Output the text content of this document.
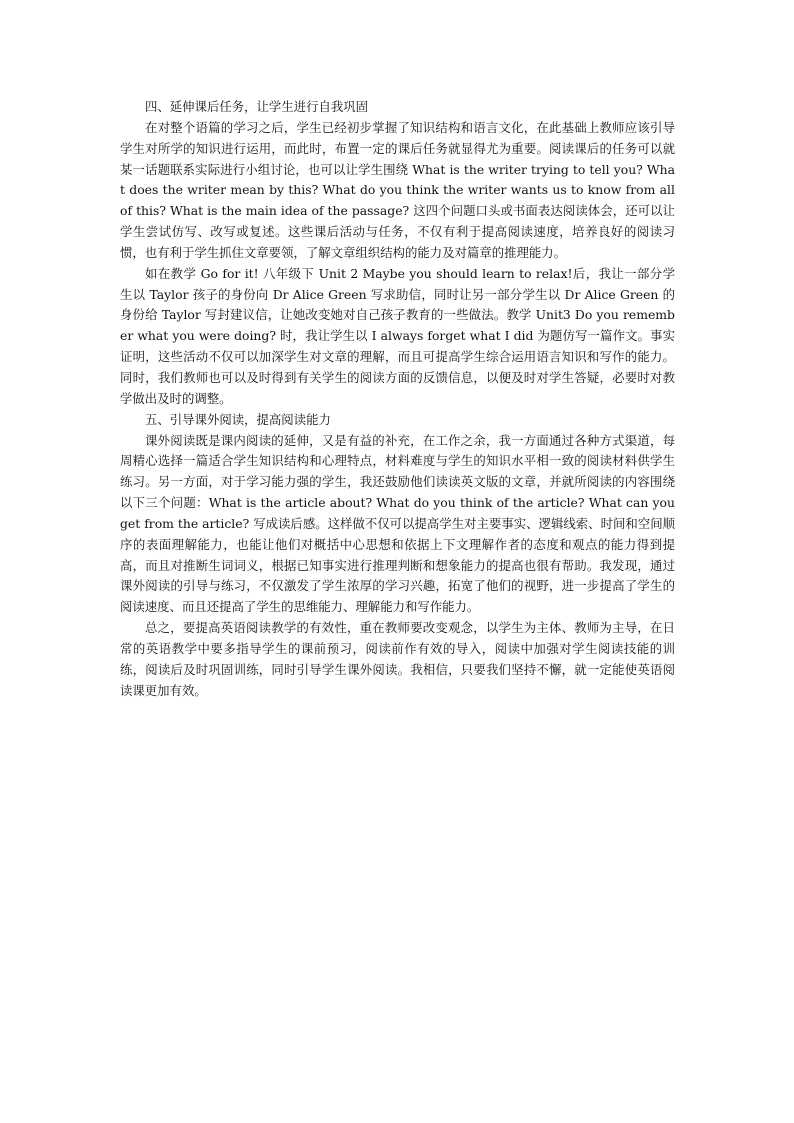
四、延伸课后任务，让学生进行自我巩固

在对整个语篇的学习之后，学生已经初步掌握了知识结构和语言文化，在此基础上教师应该引导学生对所学的知识进行运用，而此时，布置一定的课后任务就显得尤为重要。阅读课后的任务可以就某一话题联系实际进行小组讨论，也可以让学生围绕 What is the writer trying to tell you? What does the writer mean by this? What do you think the writer wants us to know from all of this? What is the main idea of the passage? 这四个问题口头或书面表达阅读体会，还可以让学生尝试仿写、改写或复述。这些课后活动与任务，不仅有利于提高阅读速度，培养良好的阅读习惯，也有利于学生抓住文章要领，了解文章组织结构的能力及对篇章的推理能力。

如在教学 Go for it! 八年级下 Unit 2 Maybe you should learn to relax!后，我让一部分学生以 Taylor 孩子的身份向 Dr Alice Green 写求助信，同时让另一部分学生以 Dr Alice Green 的身份给 Taylor 写封建议信，让她改变她对自己孩子教育的一些做法。教学 Unit3 Do you remember what you were doing? 时，我让学生以 I always forget what I did 为题仿写一篇作文。事实证明，这些活动不仅可以加深学生对文章的理解，而且可提高学生综合运用语言知识和写作的能力。同时，我们教师也可以及时得到有关学生的阅读方面的反馈信息，以便及时对学生答疑，必要时对教学做出及时的调整。

五、引导课外阅读，提高阅读能力

课外阅读既是课内阅读的延伸，又是有益的补充，在工作之余，我一方面通过各种方式渠道，每周精心选择一篇适合学生知识结构和心理特点，材料难度与学生的知识水平相一致的阅读材料供学生练习。另一方面，对于学习能力强的学生，我还鼓励他们读读英文版的文章，并就所阅读的内容围绕以下三个问题：What is the article about? What do you think of the article? What can you get from the article? 写成读后感。这样做不仅可以提高学生对主要事实、逻辑线索、时间和空间顺序的表面理解能力，也能让他们对概括中心思想和依据上下文理解作者的态度和观点的能力得到提高，而且对推断生词词义，根据已知事实进行推理判断和想象能力的提高也很有帮助。我发现，通过课外阅读的引导与练习，不仅激发了学生浓厚的学习兴趣，拓宽了他们的视野，进一步提高了学生的阅读速度、而且还提高了学生的思维能力、理解能力和写作能力。

总之，要提高英语阅读教学的有效性，重在教师要改变观念，以学生为主体、教师为主导，在日常的英语教学中要多指导学生的课前预习，阅读前作有效的导入，阅读中加强对学生阅读技能的训练，阅读后及时巩固训练，同时引导学生课外阅读。我相信，只要我们坚持不懈，就一定能使英语阅读课更加有效。
